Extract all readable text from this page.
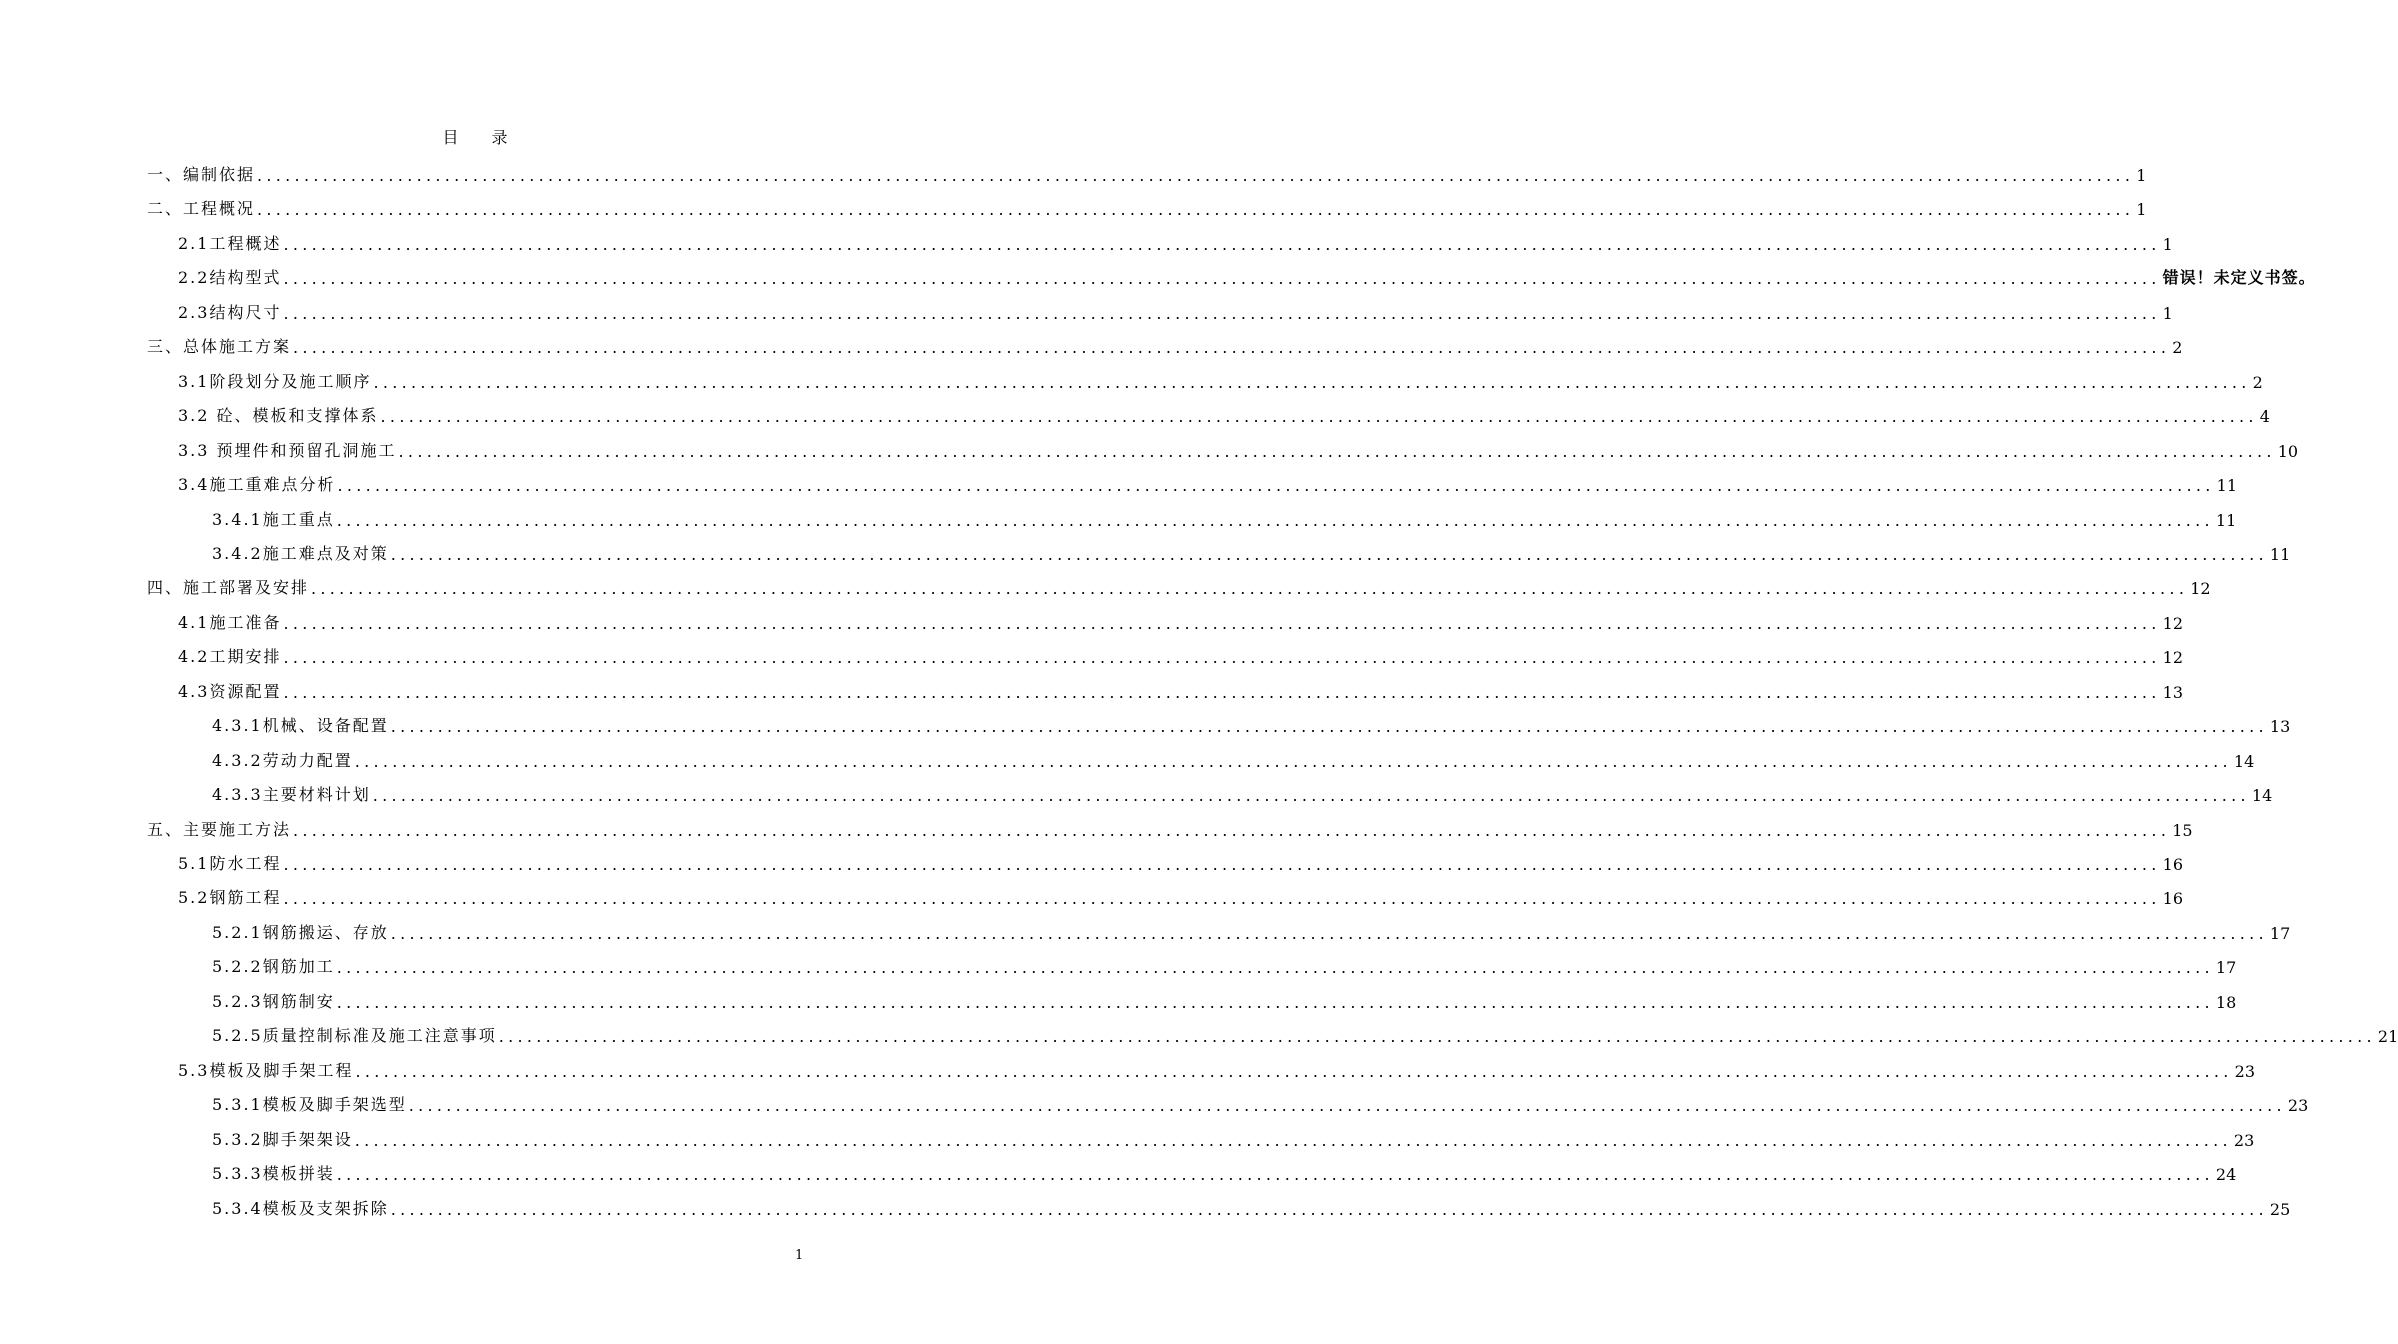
目 录
一、编制依据 ........................................................................................................................................................................................................ 1
二、工程概况 ........................................................................................................................................................................................................ 1
2.1工程概述 ........................................................................................................................................................................................................ 1
2.2结构型式 ........................................................................................................................................................................................................ 错误！未定义书签。
2.3结构尺寸 ........................................................................................................................................................................................................ 1
三、总体施工方案 ........................................................................................................................................................................................................ 2
3.1阶段划分及施工顺序 ........................................................................................................................................................................................................ 2
3.2 砼、模板和支撑体系 ........................................................................................................................................................................................................ 4
3.3 预埋件和预留孔洞施工 ........................................................................................................................................................................................................ 10
3.4施工重难点分析 ........................................................................................................................................................................................................ 11
3.4.1施工重点 ........................................................................................................................................................................................................ 11
3.4.2施工难点及对策 ........................................................................................................................................................................................................ 11
四、施工部署及安排 ........................................................................................................................................................................................................ 12
4.1施工准备 ........................................................................................................................................................................................................ 12
4.2工期安排 ........................................................................................................................................................................................................ 12
4.3资源配置 ........................................................................................................................................................................................................ 13
4.3.1机械、设备配置 ........................................................................................................................................................................................................ 13
4.3.2劳动力配置 ........................................................................................................................................................................................................ 14
4.3.3主要材料计划 ........................................................................................................................................................................................................ 14
五、主要施工方法 ........................................................................................................................................................................................................ 15
5.1防水工程 ........................................................................................................................................................................................................ 16
5.2钢筋工程 ........................................................................................................................................................................................................ 16
5.2.1钢筋搬运、存放 ........................................................................................................................................................................................................ 17
5.2.2钢筋加工 ........................................................................................................................................................................................................ 17
5.2.3钢筋制安 ........................................................................................................................................................................................................ 18
5.2.5质量控制标准及施工注意事项 ........................................................................................................................................................................................................ 21
5.3模板及脚手架工程 ........................................................................................................................................................................................................ 23
5.3.1模板及脚手架选型 ........................................................................................................................................................................................................ 23
5.3.2脚手架架设 ........................................................................................................................................................................................................ 23
5.3.3模板拼装 ........................................................................................................................................................................................................ 24
5.3.4模板及支架拆除 ........................................................................................................................................................................................................ 25
1
